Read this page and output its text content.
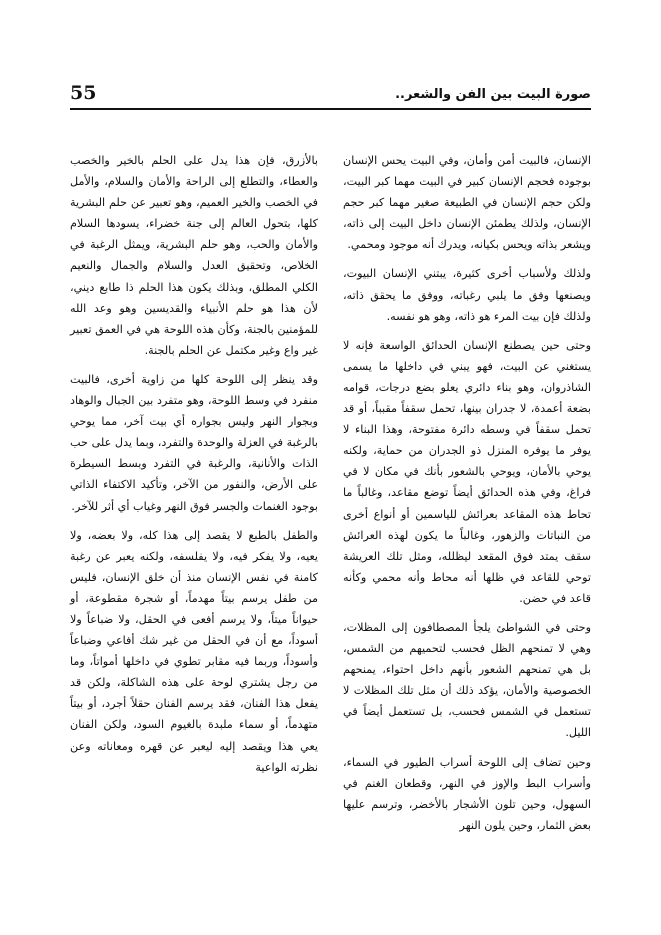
55	صورة البيت بين الفن والشعر..

الإنسان، فالبيت أمن وأمان، وفي البيت يحس الإنسان بوجوده فحجم الإنسان كبير في البيت مهما كبر البيت، ولكن حجم الإنسان في الطبيعة صغير مهما كبر حجم الإنسان، ولذلك يطمئن الإنسان داخل البيت إلى ذاته، ويشعر بذاته ويحس بكيانه، ويدرك أنه موجود ومحمي.

ولذلك ولأسباب أخرى كثيرة، يبتني الإنسان البيوت، ويصنعها وفق ما يلبي رغباته، ووفق ما يحقق ذاته، ولذلك فإن بيت المرء هو ذاته، وهو هو نفسه.

وحتى حين يصطنع الإنسان الحدائق الواسعة فإنه لا يستغني عن البيت، فهو يبني في داخلها ما يسمى الشاذروان، وهو بناء دائري يعلو بضع درجات، قوامه بضعة أعمدة، لا جدران بينها، تحمل سقفاً مقبباً، أو قد تحمل سقفاً في وسطه دائرة مفتوحة، وهذا البناء لا يوفر ما يوفره المنزل ذو الجدران من حماية، ولكنه يوحي بالأمان، ويوحي بالشعور بأنك في مكان لا في فراغ، وفي هذه الحدائق أيضاً توضع مقاعد، وغالباً ما تحاط هذه المقاعد بعرائش للياسمين أو أنواع أخرى من النباتات والزهور، وغالباً ما يكون لهذه العرائش سقف يمتد فوق المقعد ليظلله، ومثل تلك العريشة توحي للقاعد في ظلها أنه محاط وأنه محمي وكأنه قاعد في حضن.

وحتى في الشواطئ يلجأ المصطافون إلى المظلات، وهي لا تمنحهم الظل فحسب لتحميهم من الشمس، بل هي تمنحهم الشعور بأنهم داخل احتواء، يمنحهم الخصوصية والأمان، يؤكد ذلك أن مثل تلك المظلات لا تستعمل في الشمس فحسب، بل تستعمل أيضاً في الليل.

وحين تضاف إلى اللوحة أسراب الطيور في السماء، وأسراب البط والإوز في النهر، وقطعان الغنم في السهول، وحين تلون الأشجار بالأخضر، وترسم عليها بعض الثمار، وحين يلون النهر

بالأزرق، فإن هذا يدل على الحلم بالخير والخصب والعطاء، والتطلع إلى الراحة والأمان والسلام، والأمل في الخصب والخير العميم، وهو تعبير عن حلم البشرية كلها، بتحول العالم إلى جنة خضراء، يسودها السلام والأمان والحب، وهو حلم البشرية، ويمثل الرغبة في الخلاص، وتحقيق العدل والسلام والجمال والنعيم الكلي المطلق، وبذلك يكون هذا الحلم ذا طابع ديني، لأن هذا هو حلم الأنبياء والقديسين وهو وعد الله للمؤمنين بالجنة، وكأن هذه اللوحة هي في العمق تعبير غير واع وغير مكتمل عن الحلم بالجنة.

وقد ينظر إلى اللوحة كلها من زاوية أخرى، فالبيت منفرد في وسط اللوحة، وهو متفرد بين الجبال والوهاد وبجوار النهر وليس بجواره أي بيت آخر، مما يوحي بالرغبة في العزلة والوحدة والتفرد، وبما يدل على حب الذات والأنانية، والرغبة في التفرد وبسط السيطرة على الأرض، والنفور من الآخر، وتأكيد الاكتفاء الذاتي بوجود الغنمات والجسر فوق النهر وغياب أي أثر للآخر.

والطفل بالطبع لا يقصد إلى هذا كله، ولا بعضه، ولا يعيه، ولا يفكر فيه، ولا يفلسفه، ولكنه يعبر عن رغبة كامنة في نفس الإنسان منذ أن خلق الإنسان، فليس من طفل يرسم بيتاً مهدماً، أو شجرة مقطوعة، أو حيواناً ميتاً، ولا يرسم أفعى في الحقل، ولا ضباعاً ولا أسوداً، مع أن في الحقل من غير شك أفاعي وضباعاً وأسوداً، وربما فيه مقابر تطوي في داخلها أمواتاً، وما من رجل يشتري لوحة على هذه الشاكلة، ولكن قد يفعل هذا الفنان، فقد يرسم الفنان حقلاً أجرد، أو بيتاً متهدماً، أو سماء ملبدة بالغيوم السود، ولكن الفنان يعي هذا ويقصد إليه ليعبر عن قهره ومعاناته وعن نظرته الواعية
